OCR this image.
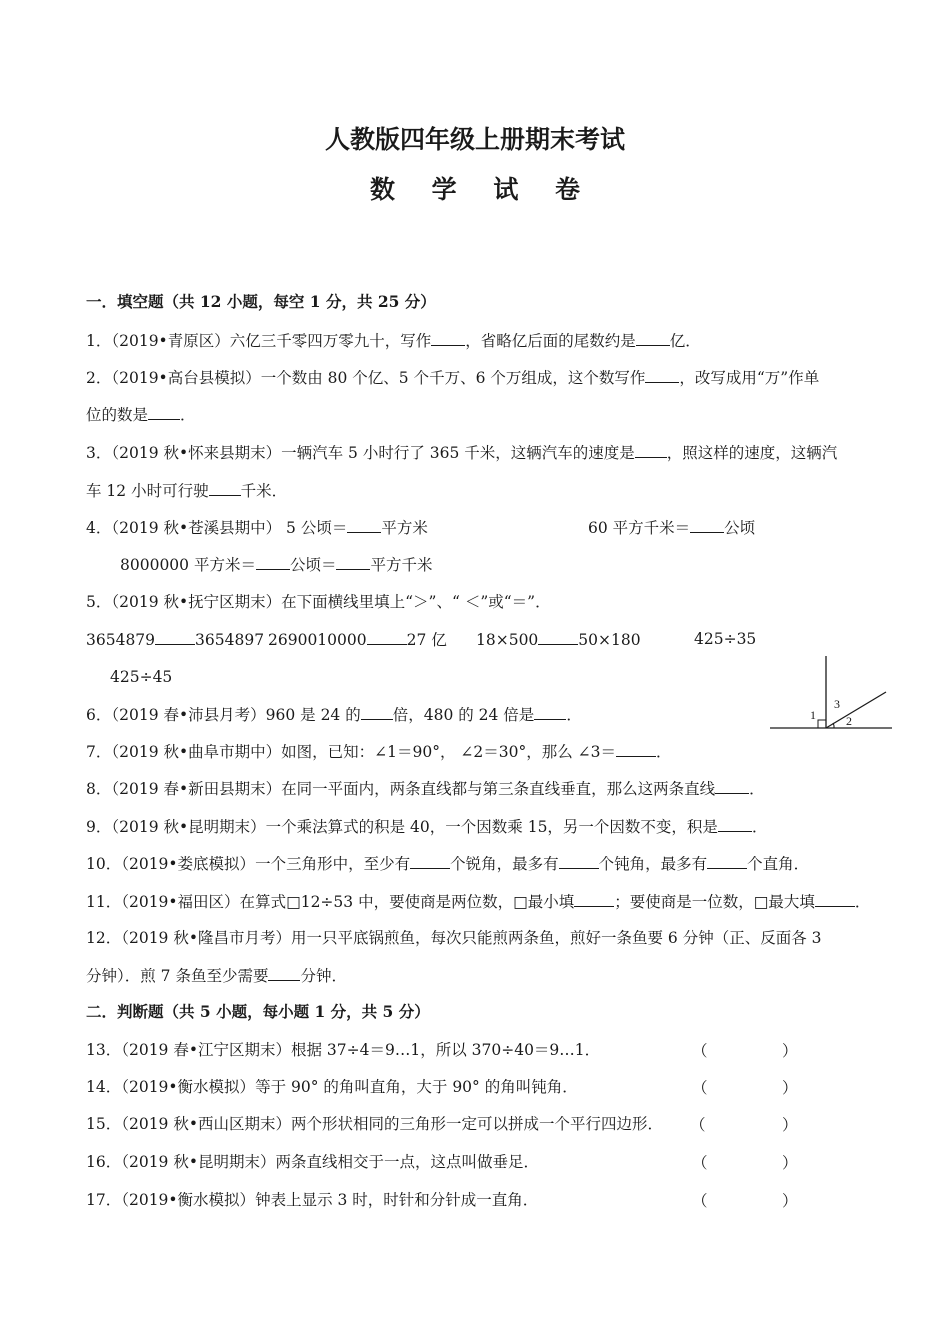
人教版四年级上册期末考试
数 学 试 卷
一．填空题（共 12 小题，每空 1 分，共 25 分）
1．（2019•青原区）六亿三千零四万零九十，写作 ，省略亿后面的尾数约是 亿．
2．（2019•高台县模拟）一个数由 80 个亿、5 个千万、6 个万组成，这个数写作 ，改写成用“万”作单
位的数是 ．
3．（2019 秋•怀来县期末）一辆汽车 5 小时行了 365 千米，这辆汽车的速度是 ，照这样的速度，这辆汽
车 12 小时可行驶 千米．
4．（2019 秋•苍溪县期中） 5 公顷＝ 平方米	60 平方千米＝ 公顷
8000000 平方米＝ 公顷＝ 平方千米
5．（2019 秋•抚宁区期末）在下面横线里填上“＞”、“ ＜”或“＝”．
3654879	3654897 2690010000	27 亿 18×500	50×180	425÷35
425÷45
6．（2019 春•沛县月考）960 是 24 的 倍，480 的 24 倍是 ．	1	2
3
7．（2019 秋•曲阜市期中）如图，已知：∠1＝90°， ∠2＝30°，那么 ∠3＝	．
8．（2019 春•新田县期末）在同一平面内，两条直线都与第三条直线垂直，那么这两条直线 ．
9．（2019 秋•昆明期末）一个乘法算式的积是 40，一个因数乘 15，另一个因数不变，积是 ．
10．（2019•娄底模拟）一个三角形中，至少有	个锐角，最多有	个钝角，最多有	个直角．
11．（2019•福田区）在算式□12÷53 中，要使商是两位数，□最小填	；要使商是一位数，□最大填	．
12．（2019 秋•隆昌市月考）用一只平底锅煎鱼，每次只能煎两条鱼，煎好一条鱼要 6 分钟（正、反面各 3
分钟）．煎 7 条鱼至少需要 分钟．
二．判断题（共 5 小题，每小题 1 分，共 5 分）
13．（2019 春•江宁区期末）根据 37÷4＝9…1，所以 370÷40＝9…1．
14．（2019•衡水模拟）等于 90° 的角叫直角，大于 90° 的角叫钝角．
15．（2019 秋•西山区期末）两个形状相同的三角形一定可以拼成一个平行四边形．
16．（2019 秋•昆明期末）两条直线相交于一点，这点叫做垂足．
17．（2019•衡水模拟）钟表上显示 3 时，时针和分针成一直角．
（	）
（	）
（	）
（	）
（	）
